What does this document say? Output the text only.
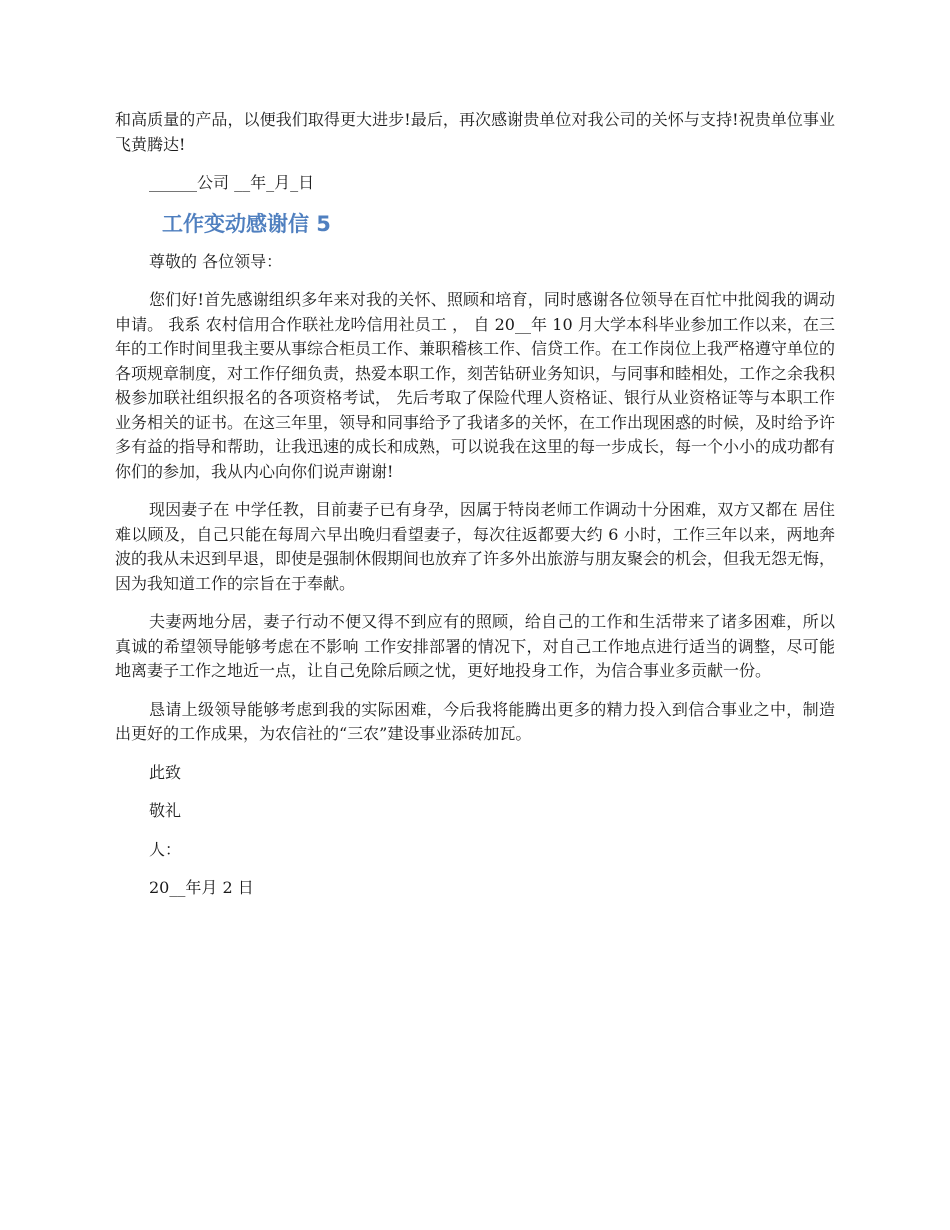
和高质量的产品，以便我们取得更大进步!最后，再次感谢贵单位对我公司的关怀与支持!祝贵单位事业飞黄腾达!

______公司 __年_月_日

工作变动感谢信 5

尊敬的 各位领导：

您们好!首先感谢组织多年来对我的关怀、照顾和培育，同时感谢各位领导在百忙中批阅我的调动申请。 我系 农村信用合作联社龙吟信用社员工 ， 自 20__年 10 月大学本科毕业参加工作以来，在三年的工作时间里我主要从事综合柜员工作、兼职稽核工作、信贷工作。在工作岗位上我严格遵守单位的各项规章制度，对工作仔细负责，热爱本职工作，刻苦钻研业务知识，与同事和睦相处，工作之余我积极参加联社组织报名的各项资格考试， 先后考取了保险代理人资格证、银行从业资格证等与本职工作业务相关的证书。在这三年里，领导和同事给予了我诸多的关怀，在工作出现困惑的时候，及时给予许多有益的指导和帮助，让我迅速的成长和成熟，可以说我在这里的每一步成长，每一个小小的成功都有你们的参加，我从内心向你们说声谢谢!

现因妻子在 中学任教，目前妻子已有身孕，因属于特岗老师工作调动十分困难，双方又都在 居住难以顾及，自己只能在每周六早出晚归看望妻子，每次往返都要大约 6 小时，工作三年以来，两地奔波的我从未迟到早退，即使是强制休假期间也放弃了许多外出旅游与朋友聚会的机会，但我无怨无悔，因为我知道工作的宗旨在于奉献。

夫妻两地分居，妻子行动不便又得不到应有的照顾，给自己的工作和生活带来了诸多困难，所以真诚的希望领导能够考虑在不影响 工作安排部署的情况下，对自己工作地点进行适当的调整，尽可能地离妻子工作之地近一点，让自己免除后顾之忧，更好地投身工作，为信合事业多贡献一份。

恳请上级领导能够考虑到我的实际困难，今后我将能腾出更多的精力投入到信合事业之中，制造出更好的工作成果，为农信社的“三农”建设事业添砖加瓦。

此致

敬礼

人：

20__年月 2 日
